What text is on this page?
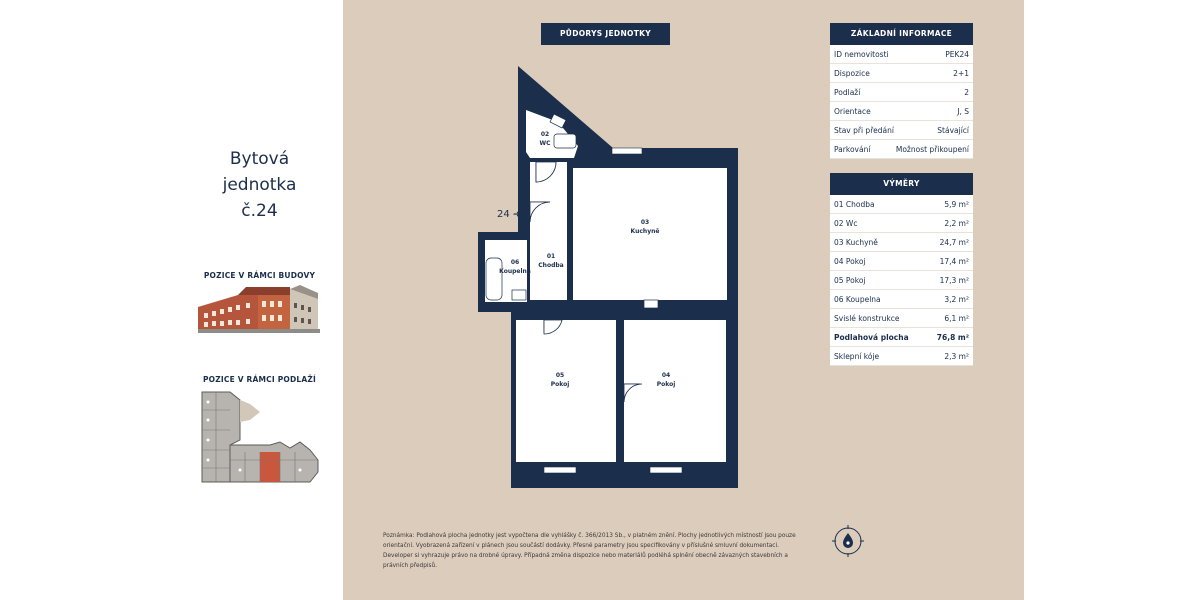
Bytová
jednotka
č.24
POZICE V RÁMCI BUDOVY
POZICE V RÁMCI PODLAŽÍ
PŮDORYS JEDNOTKY
02
WC
03
Kuchyně
01
Chodba
06
Koupelna
05
Pokoj
04
Pokoj
24 ➜
ZÁKLADNÍ INFORMACE
ID nemovitosti	PEK24
Dispozice	2+1
Podlaží	2
Orientace	J, S
Stav při předání	Stávající
Parkování	Možnost přikoupení
VÝMĚRY
01 Chodba	5,9 m²
02 Wc	2,2 m²
03 Kuchyně	24,7 m²
04 Pokoj	17,4 m²
05 Pokoj	17,3 m²
06 Koupelna	3,2 m²
Svislé konstrukce	6,1 m²
Podlahová plocha	76,8 m²
Sklepní kóje	2,3 m²
Poznámka: Podlahová plocha jednotky jest vypočtena dle vyhlášky č. 366/2013 Sb., v platném znění. Plochy jednotlivých místností jsou pouze orientační. Vyobrazená zařízení v plánech jsou součástí dodávky. Přesné parametry jsou specifikovány v příslušné smluvní dokumentaci. Developer si vyhrazuje právo na drobné úpravy. Případná změna dispozice nebo materiálů podléhá splnění obecně závazných stavebních a právních předpisů.
